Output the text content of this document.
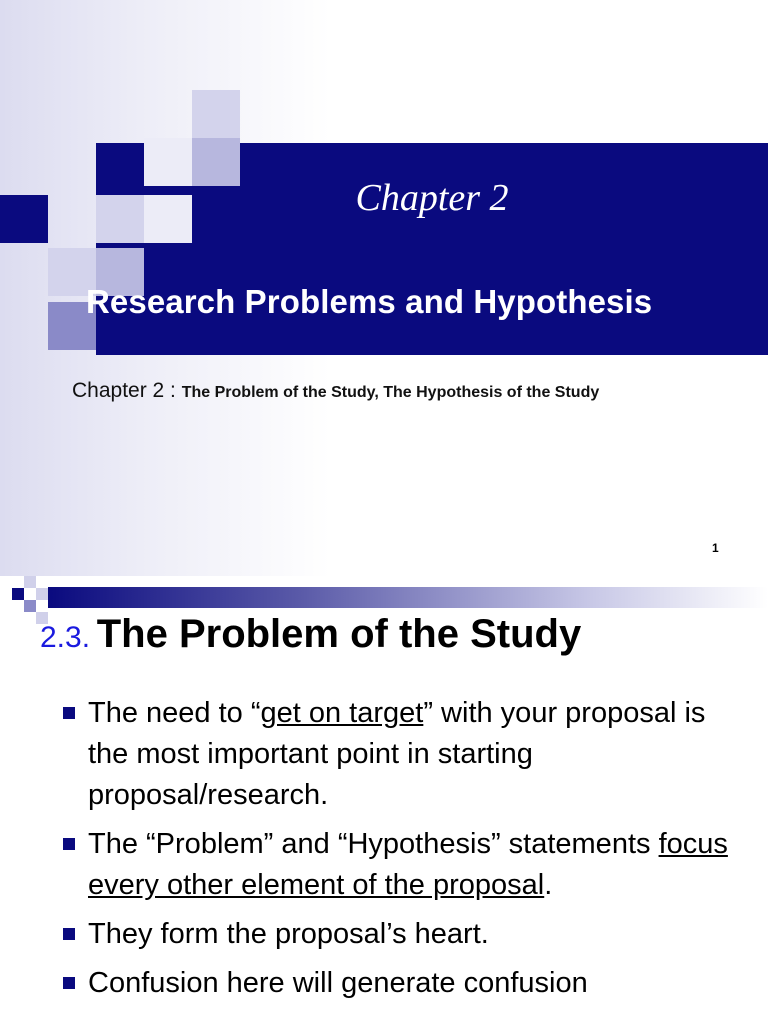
Chapter 2
Research Problems and Hypothesis
Chapter 2 : The Problem of the Study, The Hypothesis of the Study
1
2.3. The Problem of the Study
The need to “get on target” with your proposal is the most important point in starting proposal/research.
The “Problem” and “Hypothesis” statements focus every other element of the proposal.
They form the proposal’s heart.
Confusion here will generate confusion
